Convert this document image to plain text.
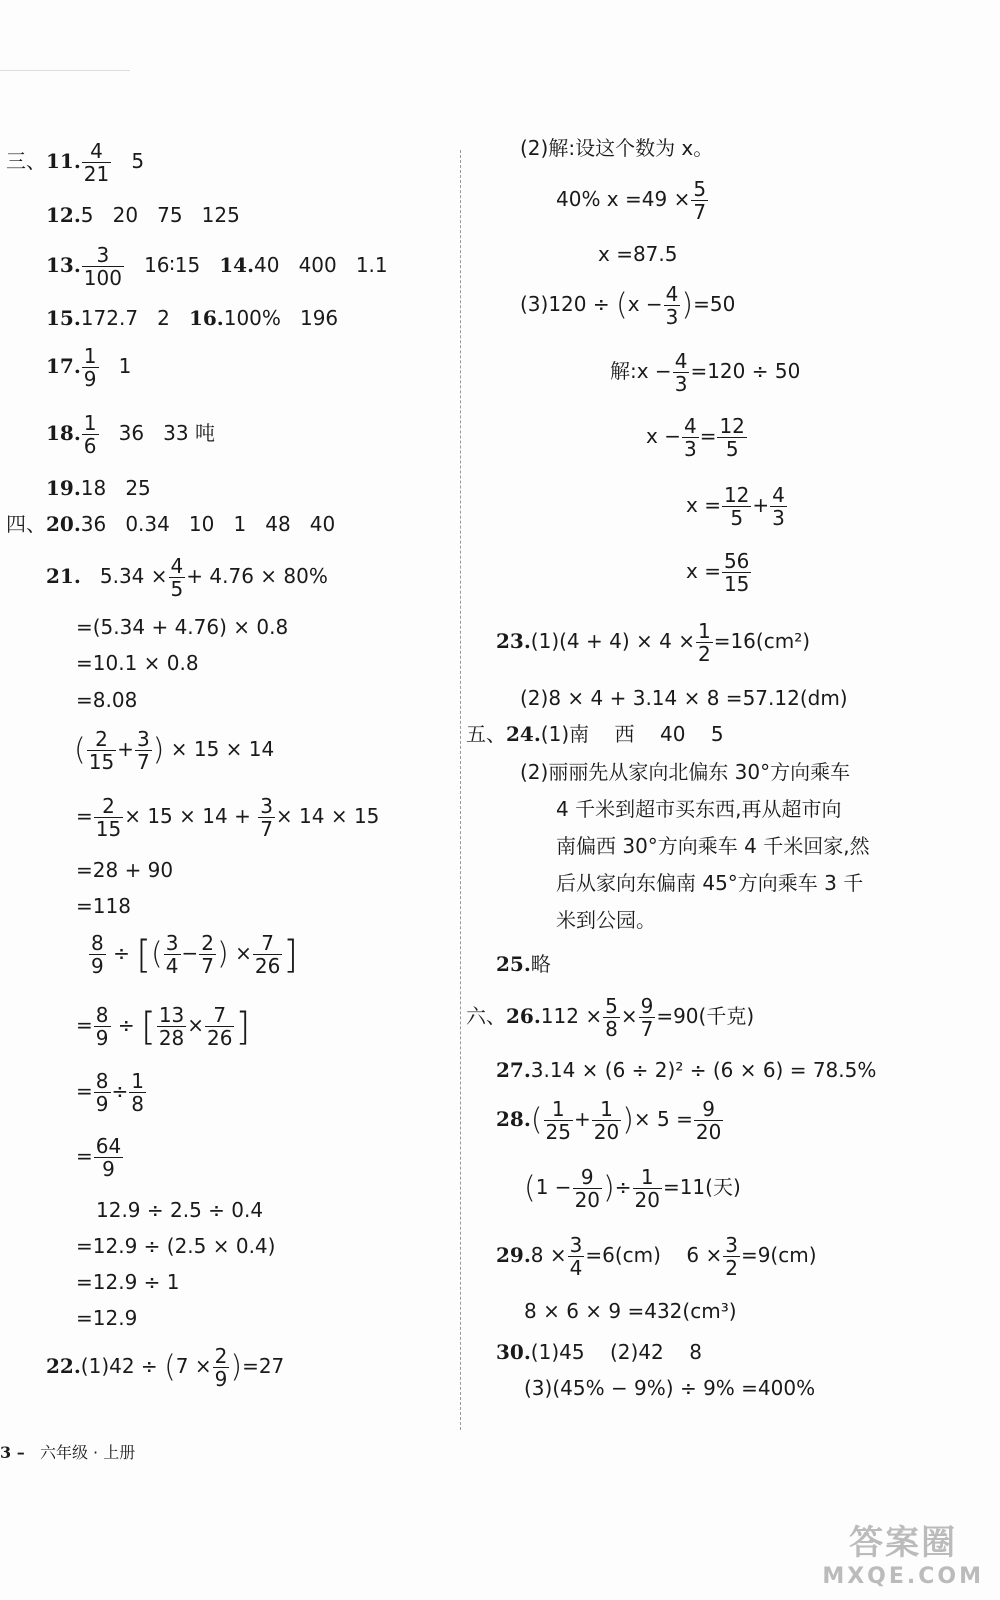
三、11. $\frac{4}{21} 5$
12.5   20   75   125
13. $\frac{3}{100}$ 16∶15 14.40   400   1.1
15.172.7   2 16.100%   196
17. $\frac{1}{9} 1$
18. $\frac{1}{6} 36$   33 吨
19.18   25
四、20.36   0.34   10   1   48   40
21. $5.34 \times \frac{4}{5} + 4.76 \times 80\%$
=(5.34 + 4.76) × 0.8
=10.1 × 0.8
=8.08
( $\frac{2}{15} + \frac{3}{7}$ ) × 15 × 14
= $\frac{2}{15} \times 15 \times 14 + \frac{3}{7} \times 14 \times 15$
=28 + 90
=118
$\frac{8}{9}$ ÷ [( $\frac{3}{4} - \frac{2}{7}$ ) × $\frac{7}{26}$ ]
= $\frac{8}{9}$ ÷ [ $\frac{13}{28} \times \frac{7}{26}$ ]
= $\frac{8}{9} \div \frac{1}{8}$
= $\frac{64}{9}$
12.9 ÷ 2.5 ÷ 0.4
=12.9 ÷ (2.5 × 0.4)
=12.9 ÷ 1
=12.9
$22.(1)42 \div (7 \times \frac{2}{9} )=27$
(2)解:设这个数为 x。
40% $x =49 \times \frac{5}{7}$
x =87.5
$(3)120 \div (x - \frac{4}{3} )=50$
解:x − $\frac{4}{3} =120 \div 50$
$x - \frac{4}{3} = \frac{12}{5}$
$x = \frac{12}{5} + \frac{4}{3}$
$x = \frac{56}{15}$
$23.(1)(4 + 4) \times 4 \times \frac{1}{2} =16(cm^2)$
(2)8 × 4 + 3.14 × 8 =57.12(dm)
五、24.(1)南    西    40    5
(2)丽丽先从家向北偏东 30°方向乘车
4 千米到超市买东西,再从超市向
南偏西 30°方向乘车 4 千米回家,然
后从家向东偏南 45°方向乘车 3 千
米到公园。
25.略
六、$26.112 \times \frac{5}{8} \times \frac{9}{7} =90$(千克)
27.3.14 × (6 ÷ 2)² ÷ (6 × 6) = 78.5%
$28.( \frac{1}{25} + \frac{1}{20}$ )× $5 = \frac{9}{20}$
($1 - \frac{9}{20}$ )÷ $\frac{1}{20} =11$(天)
$29.8 \times \frac{3}{4} =6(cm)$    $6 \times \frac{3}{2} =9(cm)$
8 × 6 × 9 =432(cm³)
30.(1)45    (2)42    8
(3)(45% − 9%) ÷ 9% =400%
3 – 六年级 · 上册
答案圈
MXQE.COM
